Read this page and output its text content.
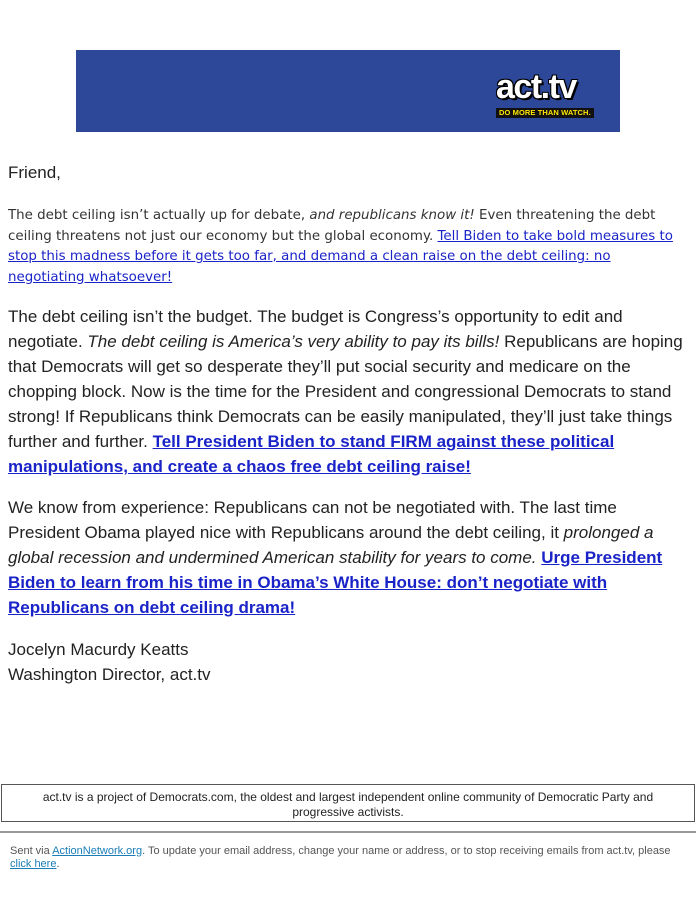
act.tv
DO MORE THAN WATCH.

Friend,

The debt ceiling isn’t actually up for debate, and republicans know it! Even threatening the debt ceiling threatens not just our economy but the global economy. Tell Biden to take bold measures to stop this madness before it gets too far, and demand a clean raise on the debt ceiling: no negotiating whatsoever!

The debt ceiling isn’t the budget. The budget is Congress’s opportunity to edit and negotiate. The debt ceiling is America’s very ability to pay its bills! Republicans are hoping that Democrats will get so desperate they’ll put social security and medicare on the chopping block. Now is the time for the President and congressional Democrats to stand strong! If Republicans think Democrats can be easily manipulated, they’ll just take things further and further. Tell President Biden to stand FIRM against these political manipulations, and create a chaos free debt ceiling raise!

We know from experience: Republicans can not be negotiated with. The last time President Obama played nice with Republicans around the debt ceiling, it prolonged a global recession and undermined American stability for years to come. Urge President Biden to learn from his time in Obama’s White House: don’t negotiate with Republicans on debt ceiling drama!

Jocelyn Macurdy Keatts
Washington Director, act.tv

act.tv is a project of Democrats.com, the oldest and largest independent online community of Democratic Party and progressive activists.
Sent via ActionNetwork.org. To update your email address, change your name or address, or to stop receiving emails from act.tv, please click here.
